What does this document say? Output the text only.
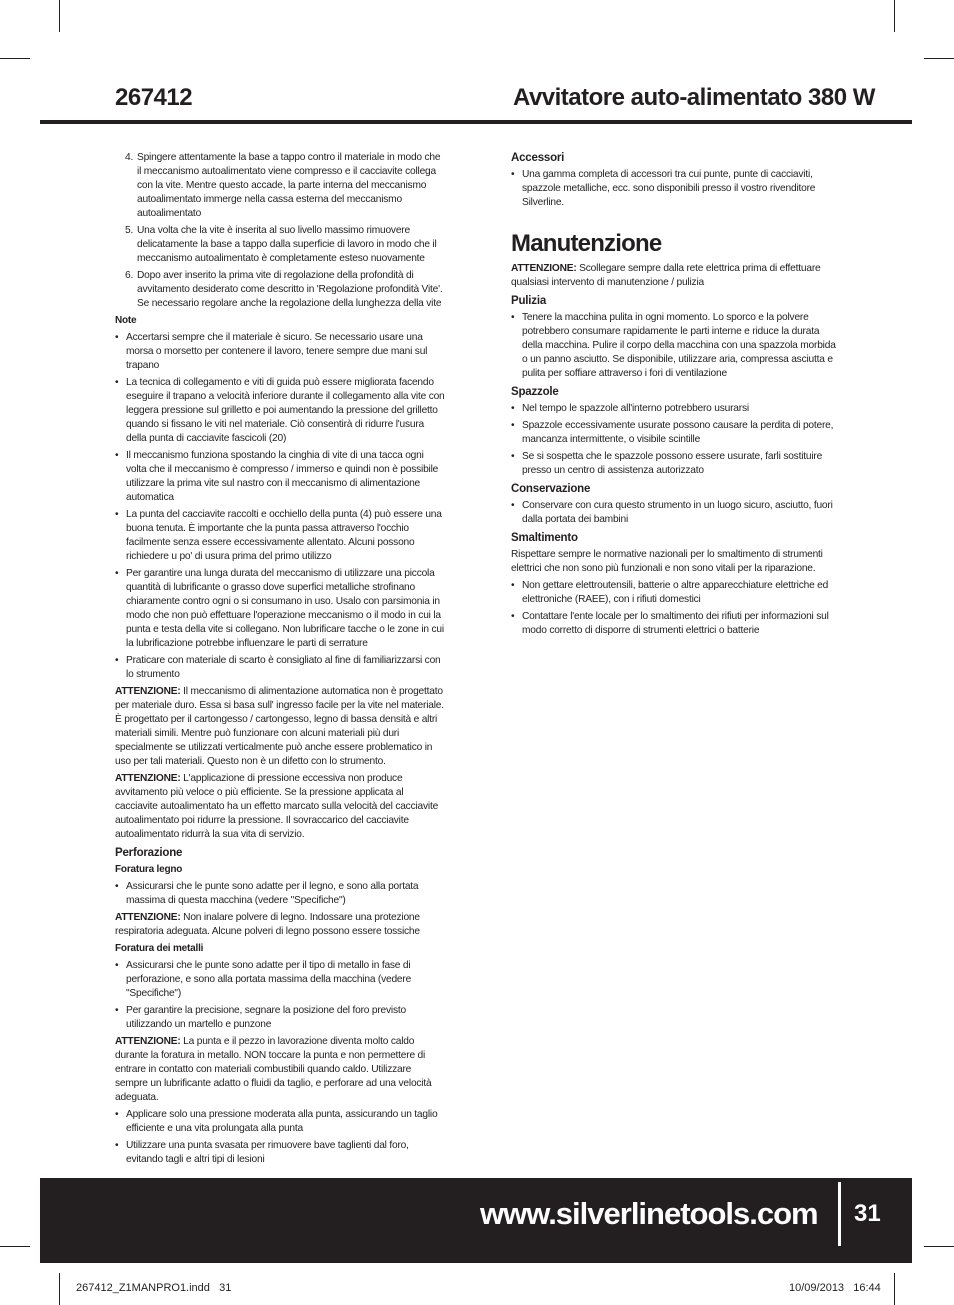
267412	Avvitatore auto-alimentato 380 W
4. Spingere attentamente la base a tappo contro il materiale in modo che il meccanismo autoalimentato viene compresso e il cacciavite collega con la vite. Mentre questo accade, la parte interna del meccanismo autoalimentato immerge nella cassa esterna del meccanismo autoalimentato
5. Una volta che la vite è inserita al suo livello massimo rimuovere delicatamente la base a tappo dalla superficie di lavoro in modo che il meccanismo autoalimentato è completamente esteso nuovamente
6. Dopo aver inserito la prima vite di regolazione della profondità di avvitamento desiderato come descritto in 'Regolazione profondità Vite'. Se necessario regolare anche la regolazione della lunghezza della vite
Note
• Accertarsi sempre che il materiale è sicuro. Se necessario usare una morsa o morsetto per contenere il lavoro, tenere sempre due mani sul trapano
• La tecnica di collegamento e viti di guida può essere migliorata facendo eseguire il trapano a velocità inferiore durante il collegamento alla vite con leggera pressione sul grilletto e poi aumentando la pressione del grilletto quando si fissano le viti nel materiale. Ciò consentirà di ridurre l'usura della punta di cacciavite fascicoli (20)
• Il meccanismo funziona spostando la cinghia di vite di una tacca ogni volta che il meccanismo è compresso / immerso e quindi non è possibile utilizzare la prima vite sul nastro con il meccanismo di alimentazione automatica
• La punta del cacciavite raccolti e occhiello della punta (4) può essere una buona tenuta. È importante che la punta passa attraverso l'occhio facilmente senza essere eccessivamente allentato. Alcuni possono richiedere u po' di usura prima del primo utilizzo
• Per garantire una lunga durata del meccanismo di utilizzare una piccola quantità di lubrificante o grasso dove superfici metalliche strofinano chiaramente contro ogni o si consumano in uso. Usalo con parsimonia in modo che non può effettuare l'operazione meccanismo o il modo in cui la punta e testa della vite si collegano. Non lubrificare tacche o le zone in cui la lubrificazione potrebbe influenzare le parti di serrature
• Praticare con materiale di scarto è consigliato al fine di familiarizzarsi con lo strumento

ATTENZIONE: Il meccanismo di alimentazione automatica non è progettato per materiale duro. Essa si basa sull' ingresso facile per la vite nel materiale. È progettato per il cartongesso / cartongesso, legno di bassa densità e altri materiali simili. Mentre può funzionare con alcuni materiali più duri specialmente se utilizzati verticalmente può anche essere problematico in uso per tali materiali. Questo non è un difetto con lo strumento.

ATTENZIONE: L'applicazione di pressione eccessiva non produce avvitamento più veloce o più efficiente. Se la pressione applicata al cacciavite autoalimentato ha un effetto marcato sulla velocità del cacciavite autoalimentato poi ridurre la pressione. Il sovraccarico del cacciavite autoalimentato ridurrà la sua vita di servizio.

Perforazione
Foratura legno
• Assicurarsi che le punte sono adatte per il legno, e sono alla portata massima di questa macchina (vedere "Specifiche")

ATTENZIONE: Non inalare polvere di legno. Indossare una protezione respiratoria adeguata. Alcune polveri di legno possono essere tossiche

Foratura dei metalli
• Assicurarsi che le punte sono adatte per il tipo di metallo in fase di perforazione, e sono alla portata massima della macchina (vedere "Specifiche")
• Per garantire la precisione, segnare la posizione del foro previsto utilizzando un martello e punzone

ATTENZIONE: La punta e il pezzo in lavorazione diventa molto caldo durante la foratura in metallo. NON toccare la punta e non permettere di entrare in contatto con materiali combustibili quando caldo. Utilizzare sempre un lubrificante adatto o fluidi da taglio, e perforare ad una velocità adeguata.

• Applicare solo una pressione moderata alla punta, assicurando un taglio efficiente e una vita prolungata alla punta
• Utilizzare una punta svasata per rimuovere bave taglienti dal foro, evitando tagli e altri tipi di lesioni
Accessori
• Una gamma completa di accessori tra cui punte, punte di cacciaviti, spazzole metalliche, ecc. sono disponibili presso il vostro rivenditore Silverline.
Manutenzione

ATTENZIONE: Scollegare sempre dalla rete elettrica prima di effettuare qualsiasi intervento di manutenzione / pulizia

Pulizia
• Tenere la macchina pulita in ogni momento. Lo sporco e la polvere potrebbero consumare rapidamente le parti interne e riduce la durata della macchina. Pulire il corpo della macchina con una spazzola morbida o un panno asciutto. Se disponibile, utilizzare aria, compressa asciutta e pulita per soffiare attraverso i fori di ventilazione
Spazzole
• Nel tempo le spazzole all'interno potrebbero usurarsi
• Spazzole eccessivamente usurate possono causare la perdita di potere, mancanza intermittente, o visibile scintille
• Se si sospetta che le spazzole possono essere usurate, farli sostituire presso un centro di assistenza autorizzato
Conservazione
• Conservare con cura questo strumento in un luogo sicuro, asciutto, fuori dalla portata dei bambini
Smaltimento

Rispettare sempre le normative nazionali per lo smaltimento di strumenti elettrici che non sono più funzionali e non sono vitali per la riparazione.

• Non gettare elettroutensili, batterie o altre apparecchiature elettriche ed elettroniche (RAEE), con i rifiuti domestici
• Contattare l'ente locale per lo smaltimento dei rifiuti per informazioni sul modo corretto di disporre di strumenti elettrici o batterie
www.silverlinetools.com 31
267412_Z1MANPRO1.indd   31	10/09/2013   16:44
